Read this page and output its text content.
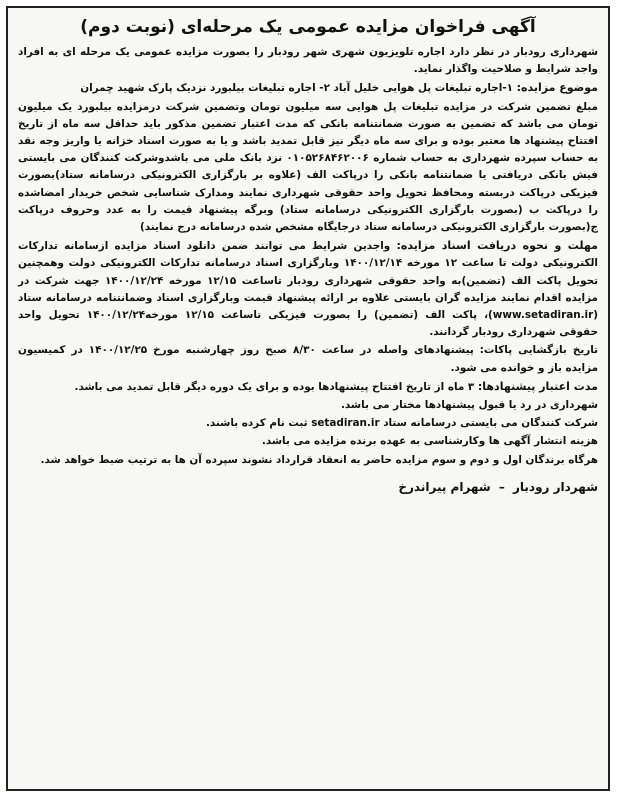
آگهی فراخوان مزایده عمومی یک مرحله‌ای (نوبت دوم)

شهرداری رودبار در نظر دارد اجاره تلویزیون شهری شهر رودبار را بصورت مزایده عمومی یک مرحله ای به افراد واجد شرایط و صلاحیت واگذار نماید.

موضوع مزایده: ۱-اجاره تبلیغات پل هوایی خلیل آباد ۲- اجاره تبلیغات بیلبورد نزدیک پارک شهید چمران

مبلغ تضمین شرکت در مزایده تبلیغات پل هوایی سه میلیون تومان وتضمین شرکت درمزایده بیلبورد یک میلیون تومان می باشد که تضمین به صورت ضمانتنامه بانکی که مدت اعتبار تضمین مذکور باید حداقل سه ماه از تاریخ افتتاح پیشنهاد ها معتبر بوده و برای سه ماه دیگر نیز قابل تمدید باشد و یا به صورت اسناد خزانه یا واریز وجه نقد به حساب سپرده شهرداری به حساب شماره ۰۱۰۵۲۶۸۴۶۲۰۰۶ نزد بانک ملی می باشدوشرکت کنندگان می بایستی فیش بانکی دریافتی یا ضمانتنامه بانکی را درپاکت الف (علاوه بر بارگزاری الکترونیکی درسامانه ستاد)بصورت فیزیکی درپاکت دربسته ومحافظ تحویل واحد حقوقی شهرداری نمایند ومدارک شناسایی شخص خریدار امضاشده را درپاکت ب (بصورت بارگزاری الکترونیکی درسامانه ستاد) وبرگه پیشنهاد قیمت را به عدد وحروف درپاکت ج(بصورت بارگزاری الکترونیکی درسامانه ستاد درجایگاه مشخص شده درسامانه درج نمایند)

مهلت و نحوه دریافت اسناد مزایده: واجدین شرایط می توانند ضمن دانلود اسناد مزایده ازسامانه تدارکات الکترونیکی دولت تا ساعت ۱۲ مورخه ۱۴۰۰/۱۲/۱۴ وبارگزاری اسناد درسامانه تدارکات الکترونیکی دولت وهمچنین تحویل پاکت الف (تضمین)به واحد حقوقی شهرداری رودبار تاساعت ۱۲/۱۵ مورخه ۱۴۰۰/۱۲/۲۴ جهت شرکت در مزایده اقدام نمایند مزایده گران بایستی علاوه بر ارائه پیشنهاد قیمت وبارگزاری اسناد وضمانتنامه درسامانه ستاد (www.setadiran.ir)، پاکت الف (تضمین) را بصورت فیزیکی تاساعت ۱۲/۱۵ مورخه۱۴۰۰/۱۲/۲۴ تحویل واحد حقوقی شهرداری رودبار گردانند.

تاریخ بازگشایی پاکات: پیشنهادهای واصله در ساعت ۸/۳۰ صبح روز چهارشنبه مورخ ۱۴۰۰/۱۲/۲۵ در کمیسیون مزایده باز و خوانده می شود.

مدت اعتبار پیشنهادها: ۳ ماه از تاریخ افتتاح پیشنهادها بوده و برای یک دوره دیگر قابل تمدید می باشد.

شهرداری در رد یا قبول پیشنهادها مختار می باشد.

شرکت کنندگان می بایستی درسامانه ستاد setadiran.ir ثبت نام کرده باشند.

هزینه انتشار آگهی ها وکارشناسی به عهده برنده مزایده می باشد.

هرگاه برندگان اول و دوم و سوم مزایده حاضر به انعقاد قرارداد نشوند سپرده آن ها به ترتیب ضبط خواهد شد.

شهردار رودبار – شهرام پیراندرخ
